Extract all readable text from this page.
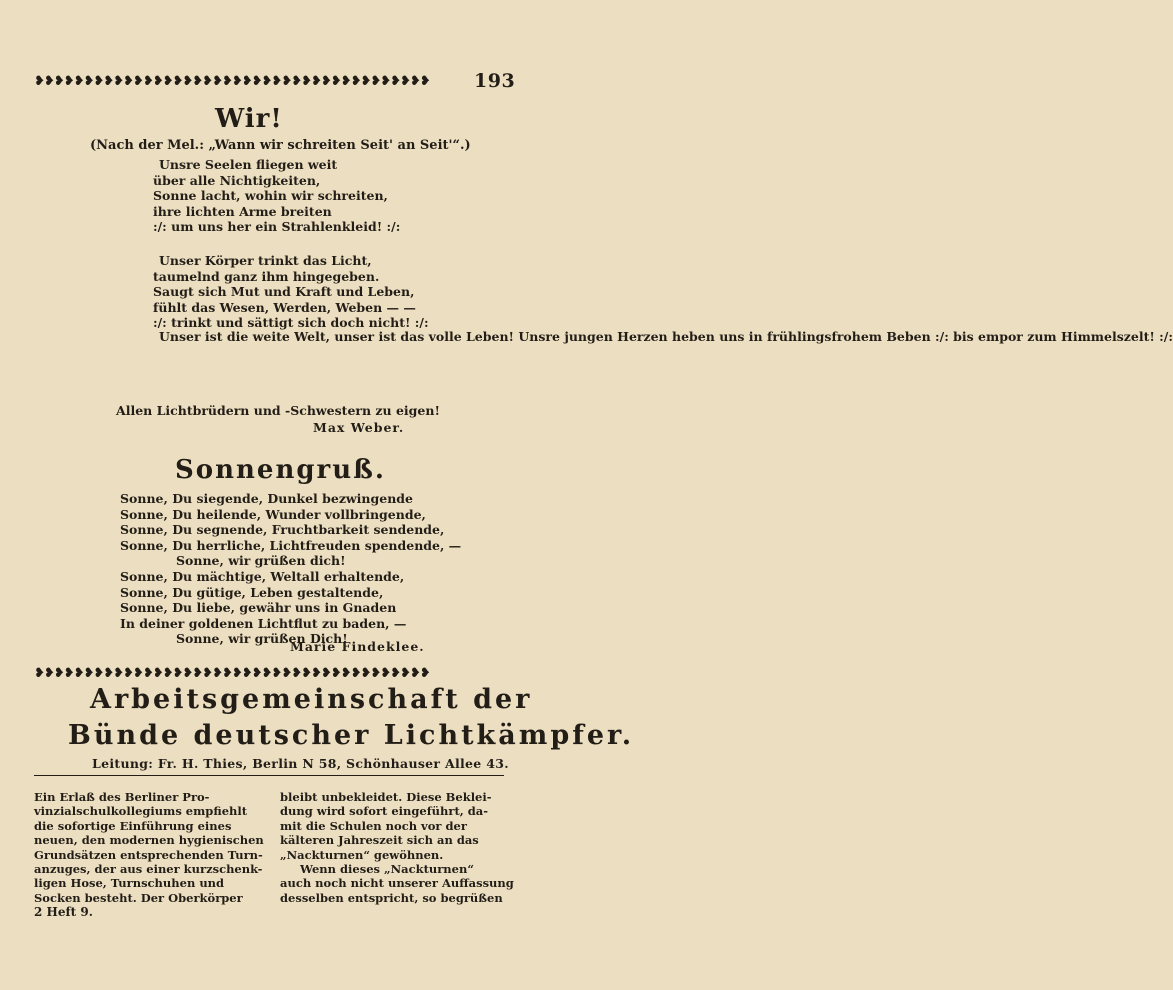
❥❥❥❥❥❥❥❥❥❥❥❥❥❥❥❥❥❥❥❥❥❥❥❥❥❥❥❥❥❥❥❥❥❥❥❥❥❥❥❥	193
Wir!
(Nach der Mel.: „Wann wir schreiten Seit' an Seit'“.)
Unsre Seelen fliegen weit
über alle Nichtigkeiten,
Sonne lacht, wohin wir schreiten,
ihre lichten Arme breiten
:/: um uns her ein Strahlenkleid! :/:
Unser Körper trinkt das Licht,
taumelnd ganz ihm hingegeben.
Saugt sich Mut und Kraft und Leben,
fühlt das Wesen, Werden, Weben — —
:/: trinkt und sättigt sich doch nicht! :/:
Unser ist die weite Welt, unser ist das volle Leben! Unsre jungen Herzen heben uns in frühlingsfrohem Beben :/: bis empor zum Himmelszelt! :/:
Allen Lichtbrüdern und -Schwestern zu eigen!
Max Weber.
Sonnengruß.
Sonne, Du siegende, Dunkel bezwingende
Sonne, Du heilende, Wunder vollbringende,
Sonne, Du segnende, Fruchtbarkeit sendende,
Sonne, Du herrliche, Lichtfreuden spendende, —
Sonne, wir grüßen dich!
Sonne, Du mächtige, Weltall erhaltende,
Sonne, Du gütige, Leben gestaltende,
Sonne, Du liebe, gewähr uns in Gnaden
In deiner goldenen Lichtflut zu baden, —
Sonne, wir grüßen Dich!
Marie Findeklee.
❥❥❥❥❥❥❥❥❥❥❥❥❥❥❥❥❥❥❥❥❥❥❥❥❥❥❥❥❥❥❥❥❥❥❥❥❥❥❥❥
Arbeitsgemeinschaft der
Bünde deutscher Lichtkämpfer.
Leitung: Fr. H. Thies, Berlin N 58, Schönhauser Allee 43.
Ein Erlaß des Berliner Pro-
vinzialschulkollegiums empfiehlt
die sofortige Einführung eines
neuen, den modernen hygienischen
Grundsätzen entsprechenden Turn-
anzuges, der aus einer kurzschenk-
ligen Hose, Turnschuhen und
Socken besteht. Der Oberkörper
bleibt unbekleidet. Diese Beklei-
dung wird sofort eingeführt, da-
mit die Schulen noch vor der
kälteren Jahreszeit sich an das
„Nackturnen“ gewöhnen.
Wenn dieses „Nackturnen“
auch noch nicht unserer Auffassung
desselben entspricht, so begrüßen
2 Heft 9.
